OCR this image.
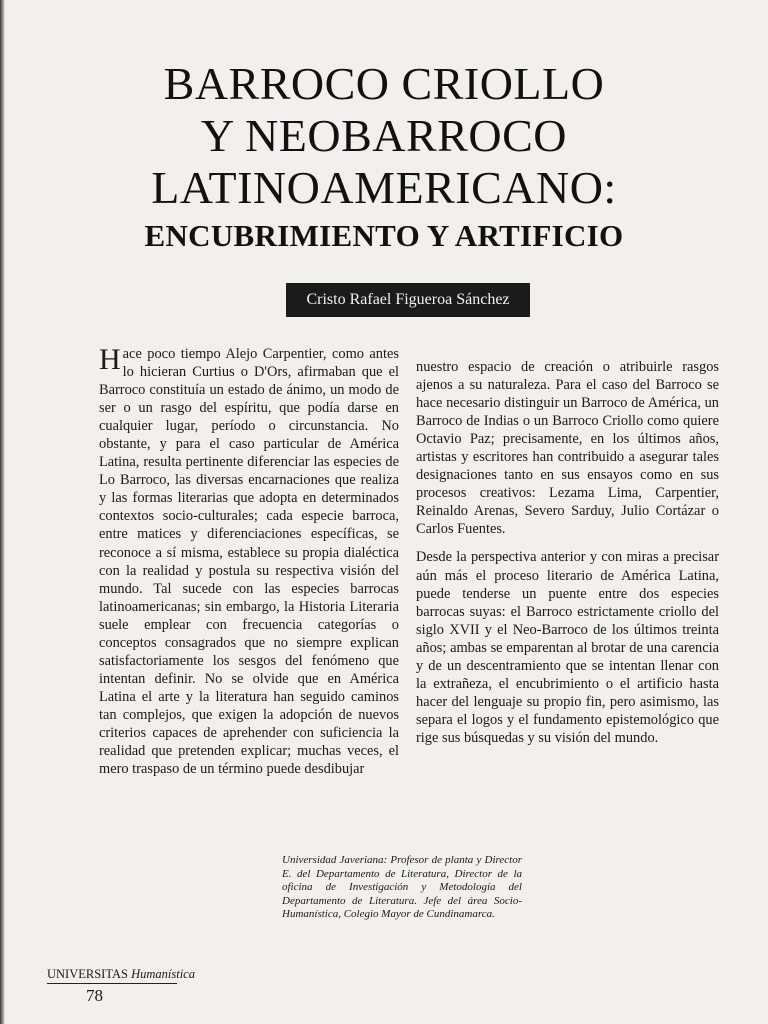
BARROCO CRIOLLO

Y NEOBARROCO

LATINOAMERICANO:

ENCUBRIMIENTO Y ARTIFICIO

Cristo Rafael Figueroa Sánchez

Hace poco tiempo Alejo Carpentier, como antes lo hicieran Curtius o D'Ors, afirmaban que el Barroco constituía un estado de ánimo, un modo de ser o un rasgo del espíritu, que podía darse en cualquier lugar, período o circunstancia. No obstante, y para el caso particular de América Latina, resulta pertinente diferenciar las especies de Lo Barroco, las diversas encarnaciones que realiza y las formas literarias que adopta en determinados contextos socio-culturales; cada especie barroca, entre matices y diferenciaciones específicas, se reconoce a sí misma, establece su propia dialéctica con la realidad y postula su respectiva visión del mundo. Tal sucede con las especies barrocas latinoamericanas; sin embargo, la Historia Literaria suele emplear con frecuencia categorías o conceptos consagrados que no siempre explican satisfactoriamente los sesgos del fenómeno que intentan definir. No se olvide que en América Latina el arte y la literatura han seguido caminos tan complejos, que exigen la adopción de nuevos criterios capaces de aprehender con suficiencia la realidad que pretenden explicar; muchas veces, el mero traspaso de un término puede desdibujar

nuestro espacio de creación o atribuirle rasgos ajenos a su naturaleza. Para el caso del Barroco se hace necesario distinguir un Barroco de América, un Barroco de Indias o un Barroco Criollo como quiere Octavio Paz; precisamente, en los últimos años, artistas y escritores han contribuido a asegurar tales designaciones tanto en sus ensayos como en sus procesos creativos: Lezama Lima, Carpentier, Reinaldo Arenas, Severo Sarduy, Julio Cortázar o Carlos Fuentes.

Desde la perspectiva anterior y con miras a precisar aún más el proceso literario de América Latina, puede tenderse un puente entre dos especies barrocas suyas: el Barroco estrictamente criollo del siglo XVII y el Neo-Barroco de los últimos treinta años; ambas se emparentan al brotar de una carencia y de un descentramiento que se intentan llenar con la extrañeza, el encubrimiento o el artificio hasta hacer del lenguaje su propio fin, pero asimismo, las separa el logos y el fundamento epistemológico que rige sus búsquedas y su visión del mundo.

Universidad Javeriana: Profesor de planta y Director E. del Departamento de Literatura, Director de la oficina de Investigación y Metodología del Departamento de Literatura. Jefe del área Socio-Humanística, Colegio Mayor de Cundinamarca.
UNIVERSITAS Humanística
78
